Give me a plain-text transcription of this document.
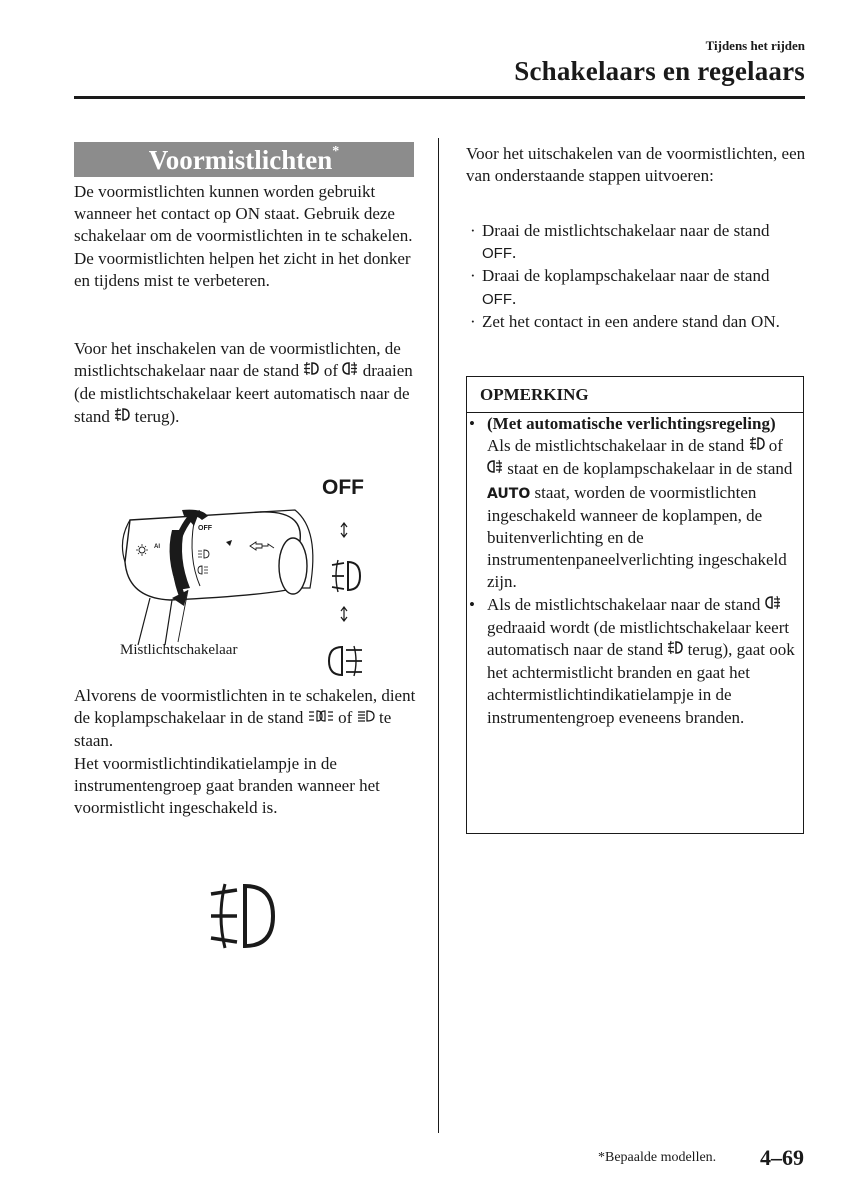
Tijdens het rijden
Schakelaars en regelaars
Voormistlichten*

De voormistlichten kunnen worden gebruikt wanneer het contact op ON staat. Gebruik deze schakelaar om de voormistlichten in te schakelen. De voormistlichten helpen het zicht in het donker en tijdens mist te verbeteren.

Voor het inschakelen van de voormistlichten, de mistlichtschakelaar naar de stand of draaien (de mistlichtschakelaar keert automatisch naar de stand terug).

OFF
OFF
AI
Mistlichtschakelaar

Alvorens de voormistlichten in te schakelen, dient de koplampschakelaar in de stand of te staan.

Het voormistlichtindikatielampje in de instrumentengroep gaat branden wanneer het voormistlicht ingeschakeld is.

Voor het uitschakelen van de voormistlichten, een van onderstaande stappen uitvoeren:

· Draai de mistlichtschakelaar naar de stand OFF.
· Draai de koplampschakelaar naar de stand OFF.
· Zet het contact in een andere stand dan ON.
OPMERKING
• (Met automatische verlichtingsregeling)
Als de mistlichtschakelaar in de stand of  staat en de koplampschakelaar in de stand AUTO staat, worden de voormistlichten ingeschakeld wanneer de koplampen, de buitenverlichting en de instrumentenpaneelverlichting ingeschakeld zijn.
• Als de mistlichtschakelaar naar de stand  gedraaid wordt (de mistlichtschakelaar keert automatisch naar de stand terug), gaat ook het achtermistlicht branden en gaat het achtermistlichtindikatielampje in de instrumentengroep eveneens branden.
*Bepaalde modellen. 4–69
